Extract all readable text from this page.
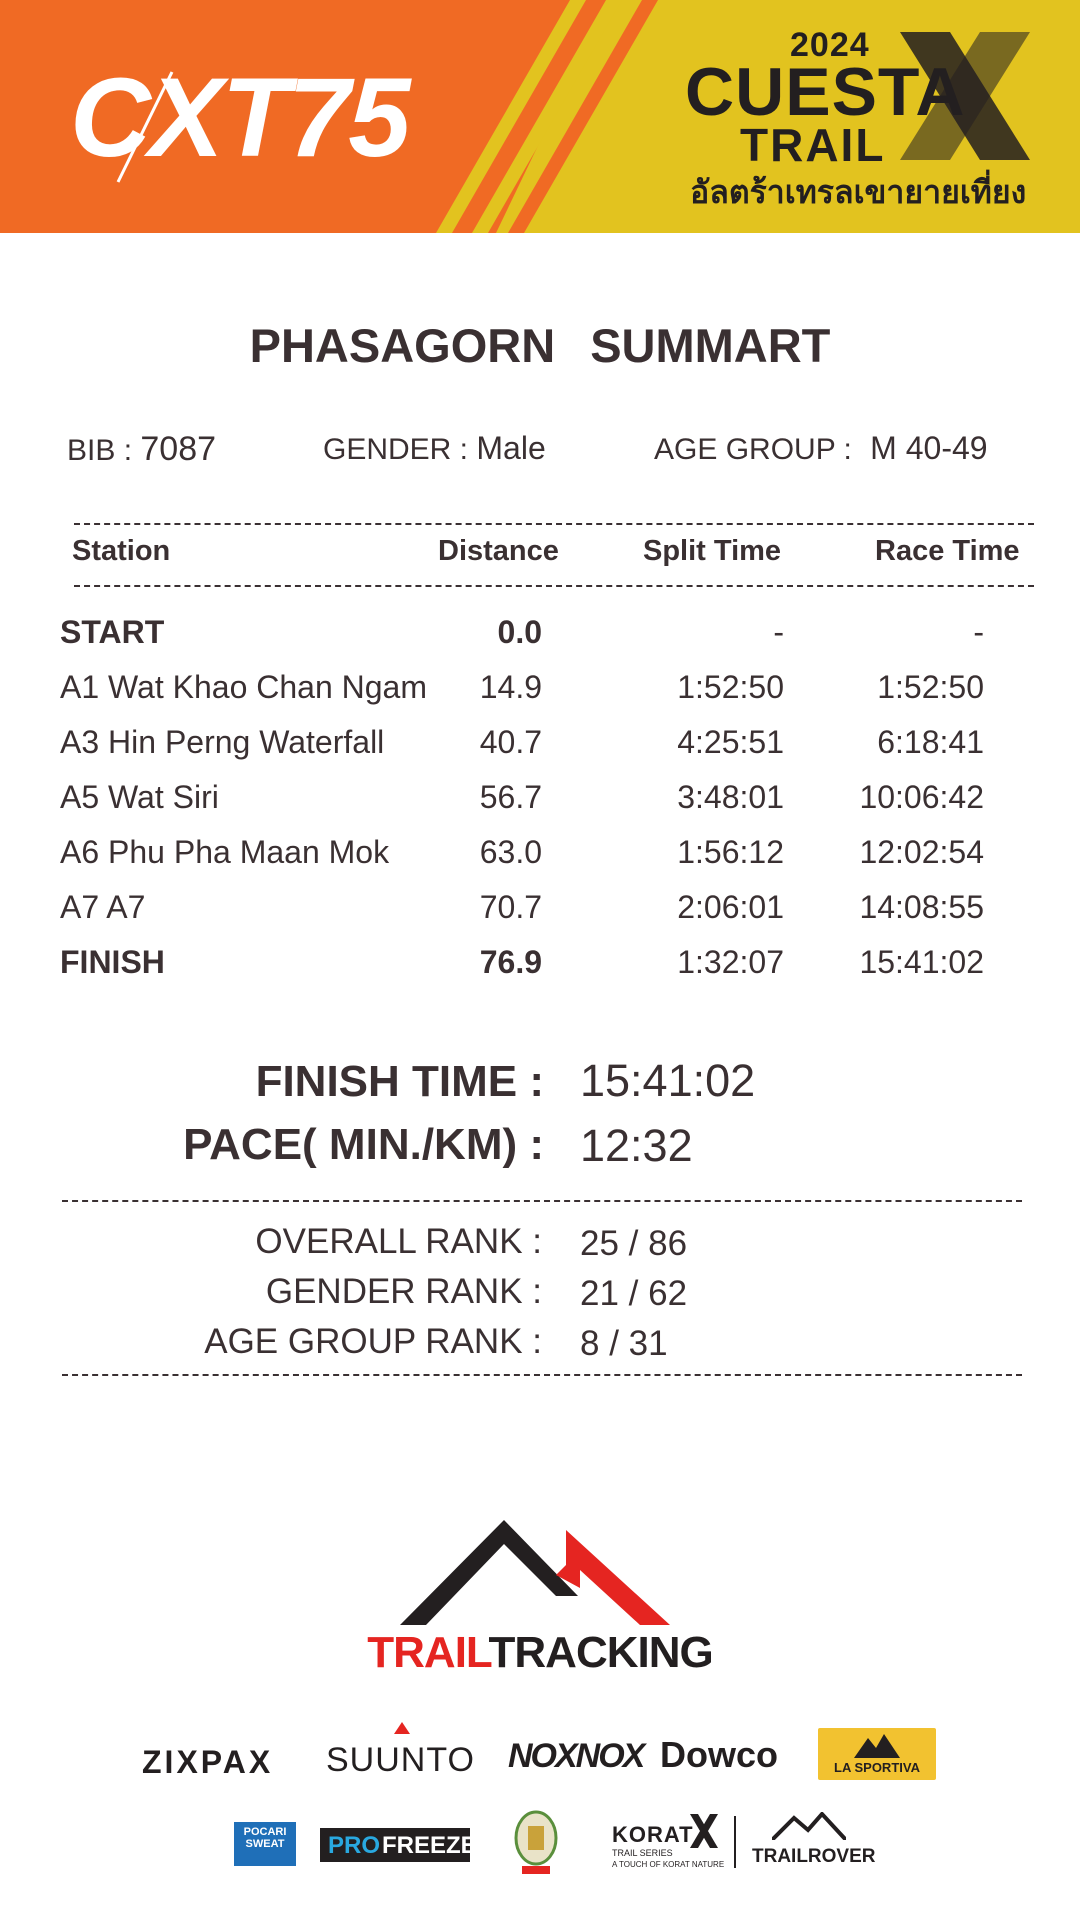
CXT75
2024
CUESTA
TRAIL
อัลตร้าเทรลเขายายเที่ยง
PHASAGORN SUMMART
BIB : 7087	GENDER : Male	AGE GROUP : M 40-49
Station	Distance	Split Time	Race Time
START	0.0	-	-
A1 Wat Khao Chan Ngam 14.9	1:52:50	1:52:50
A3 Hin Perng Waterfall	40.7	4:25:51	6:18:41
A5 Wat Siri	56.7	3:48:01 10:06:42
A6 Phu Pha Maan Mok	63.0	1:56:12 12:02:54
A7 A7	70.7	2:06:01 14:08:55
FINISH	76.9	1:32:07 15:41:02
FINISH TIME : 15:41:02
PACE( MIN./KM) : 12:32
OVERALL RANK : 25 / 86
GENDER RANK : 21 / 62
AGE GROUP RANK : 8 / 31
TRAILTRACKING
ZIXPAX SUUNTO NOXNOX Dowco	LA SPORTIVA
POCARI SWEAT	PRO FREEZE	KORAT
TRAIL SERIES
A TOUCH OF KORAT NATURE TRAILROVER
